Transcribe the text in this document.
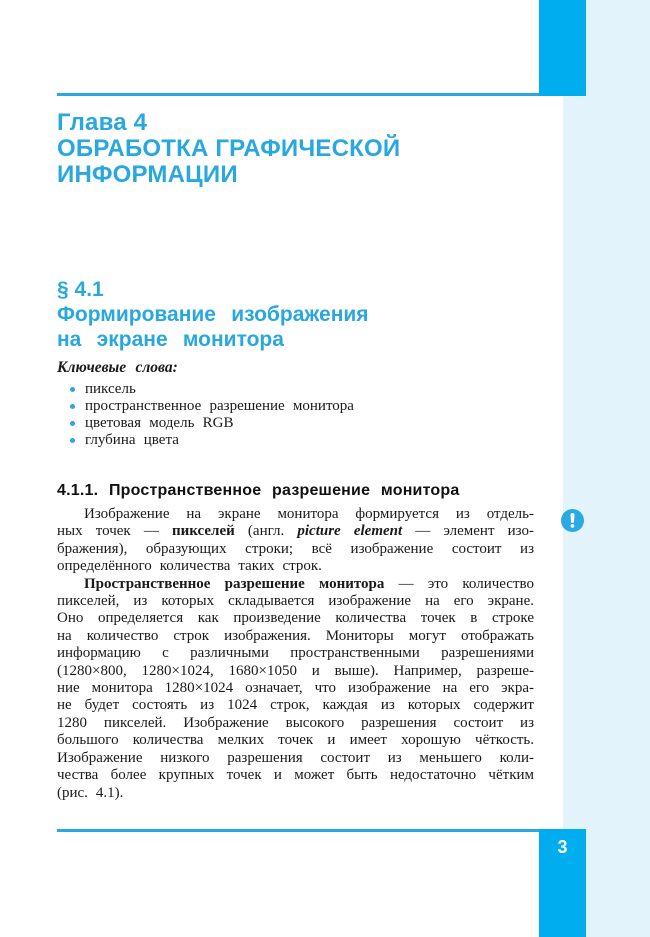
3
Глава 4
ОБРАБОТКА ГРАФИЧЕСКОЙ
ИНФОРМАЦИИ
§ 4.1
Формирование изображения
на экране монитора
Ключевые слова:
пиксель
пространственное разрешение монитора
цветовая модель RGB
глубина цвета
4.1.1. Пространственное разрешение монитора
Изображение на экране монитора формируется из отдель-
ных точек — пикселей (англ. picture element — элемент изо-
бражения), образующих строки; всё изображение состоит из
определённого количества таких строк.
Пространственное разрешение монитора — это количество
пикселей, из которых складывается изображение на его экране.
Оно определяется как произведение количества точек в строке
на количество строк изображения. Мониторы могут отображать
информацию с различными пространственными разрешениями
(1280×800, 1280×1024, 1680×1050 и выше). Например, разреше-
ние монитора 1280×1024 означает, что изображение на его экра-
не будет состоять из 1024 строк, каждая из которых содержит
1280 пикселей. Изображение высокого разрешения состоит из
большого количества мелких точек и имеет хорошую чёткость.
Изображение низкого разрешения состоит из меньшего коли-
чества более крупных точек и может быть недостаточно чётким
(рис. 4.1).
